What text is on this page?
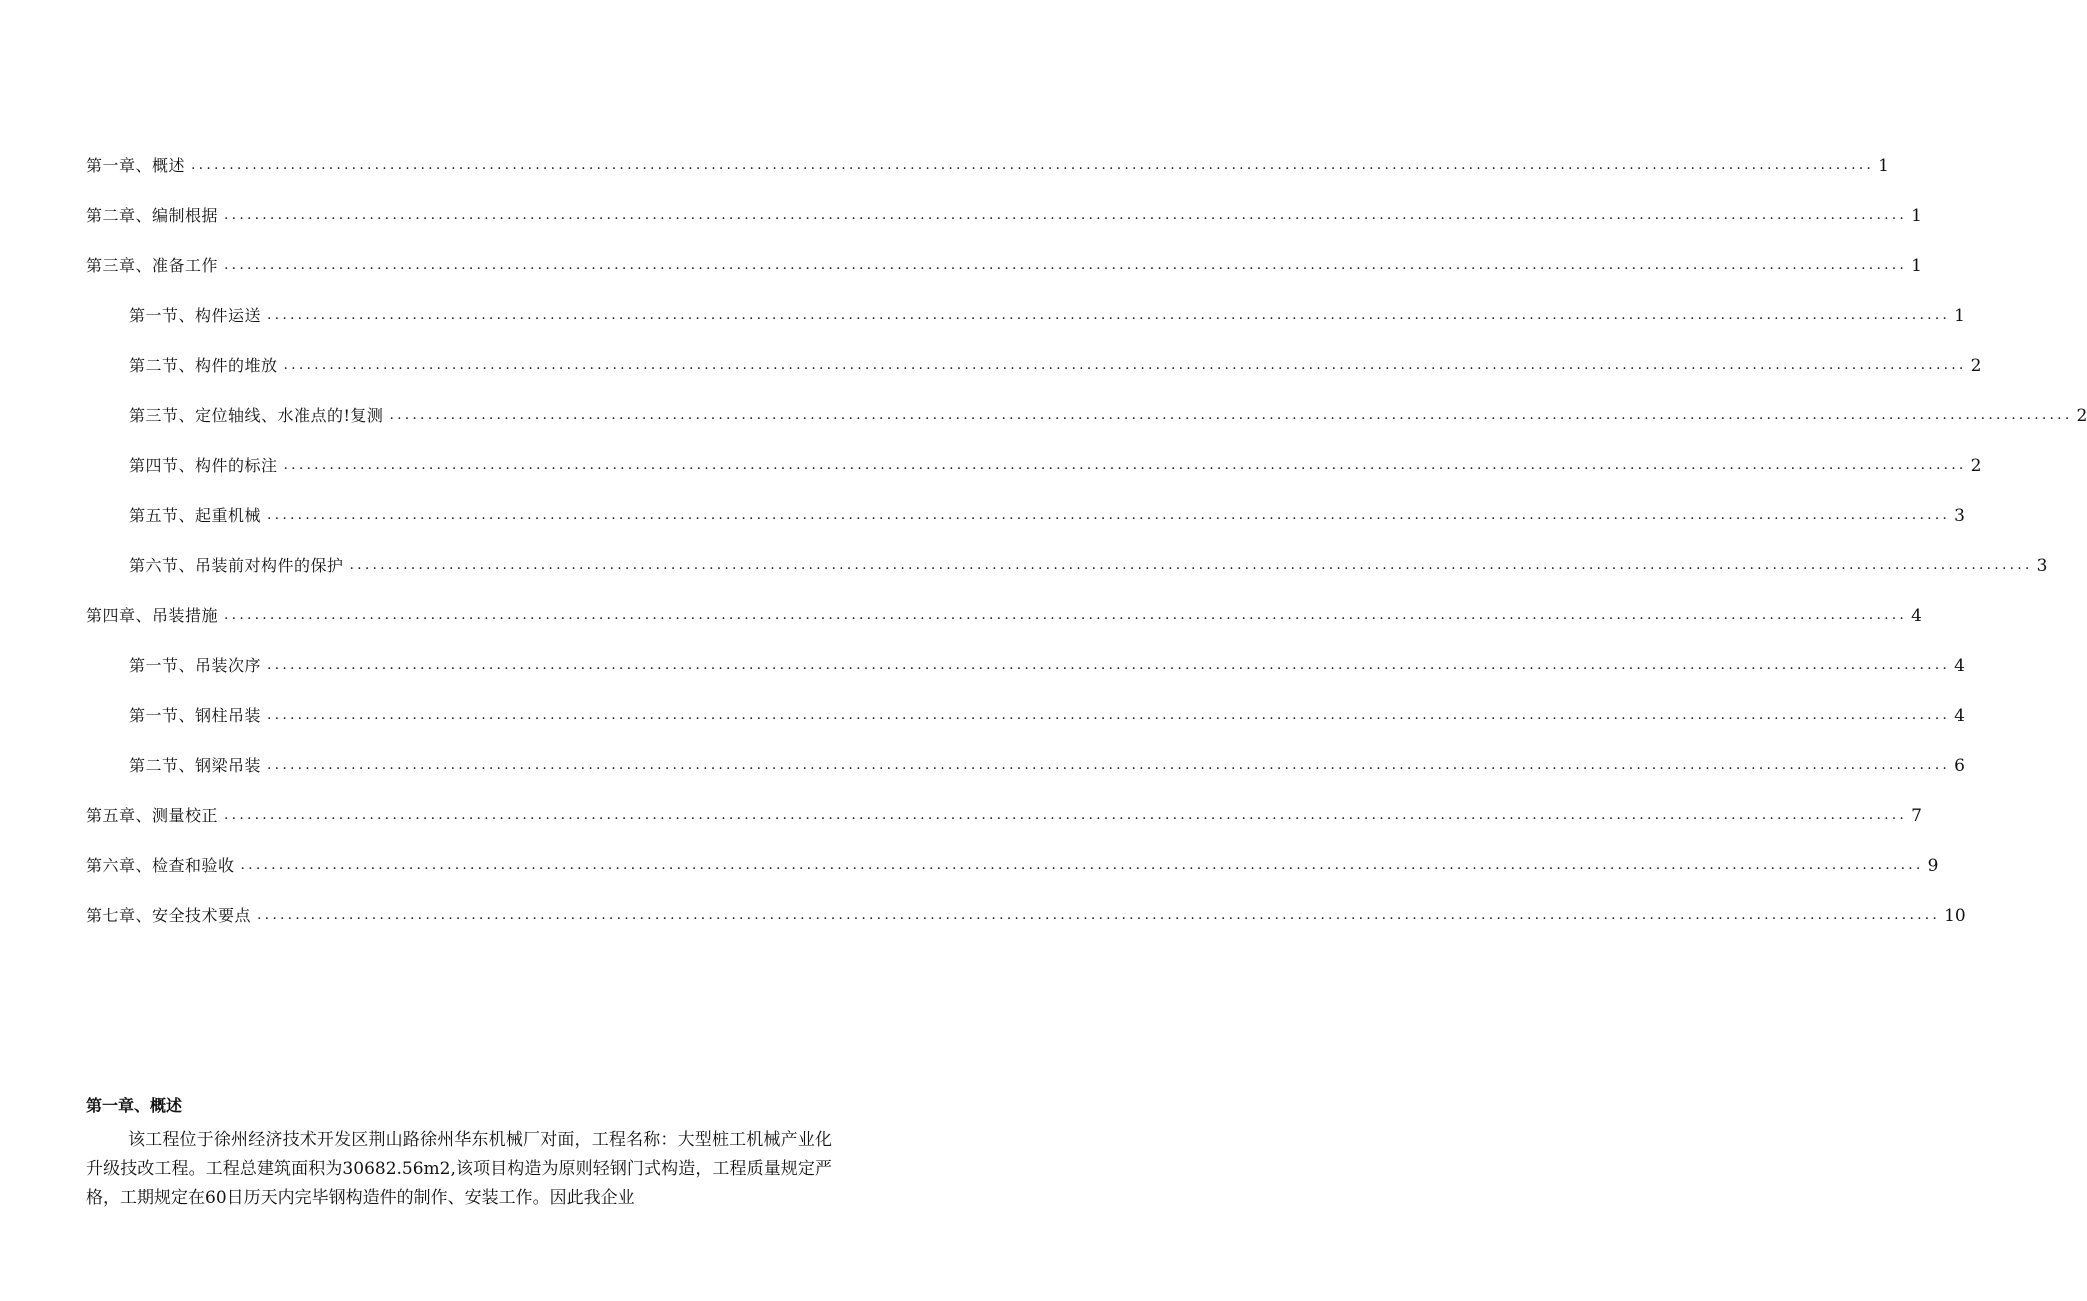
第一章、概述 ............................................................................................................................................................................................................................ 1
第二章、编制根据 ............................................................................................................................................................................................................................ 1
第三章、准备工作 ............................................................................................................................................................................................................................ 1
第一节、构件运送 ............................................................................................................................................................................................................................ 1
第二节、构件的堆放 ............................................................................................................................................................................................................................ 2
第三节、定位轴线、水准点的!复测 ............................................................................................................................................................................................................................ 2
第四节、构件的标注 ............................................................................................................................................................................................................................ 2
第五节、起重机械 ............................................................................................................................................................................................................................ 3
第六节、吊装前对构件的保护 ............................................................................................................................................................................................................................ 3
第四章、吊装措施 ............................................................................................................................................................................................................................ 4
第一节、吊装次序 ............................................................................................................................................................................................................................ 4
第一节、钢柱吊装 ............................................................................................................................................................................................................................ 4
第二节、钢梁吊装 ............................................................................................................................................................................................................................ 6
第五章、测量校正 ............................................................................................................................................................................................................................ 7
第六章、检查和验收 ............................................................................................................................................................................................................................ 9
第七章、安全技术要点 ............................................................................................................................................................................................................................ 10
第一章、概述

该工程位于徐州经济技术开发区荆山路徐州华东机械厂对面，工程名称：大型桩工机械产业化升级技改工程。工程总建筑面积为30682.56m2,该项目构造为原则轻钢门式构造，工程质量规定严格，工期规定在60日历天内完毕钢构造件的制作、安装工作。因此我企业
